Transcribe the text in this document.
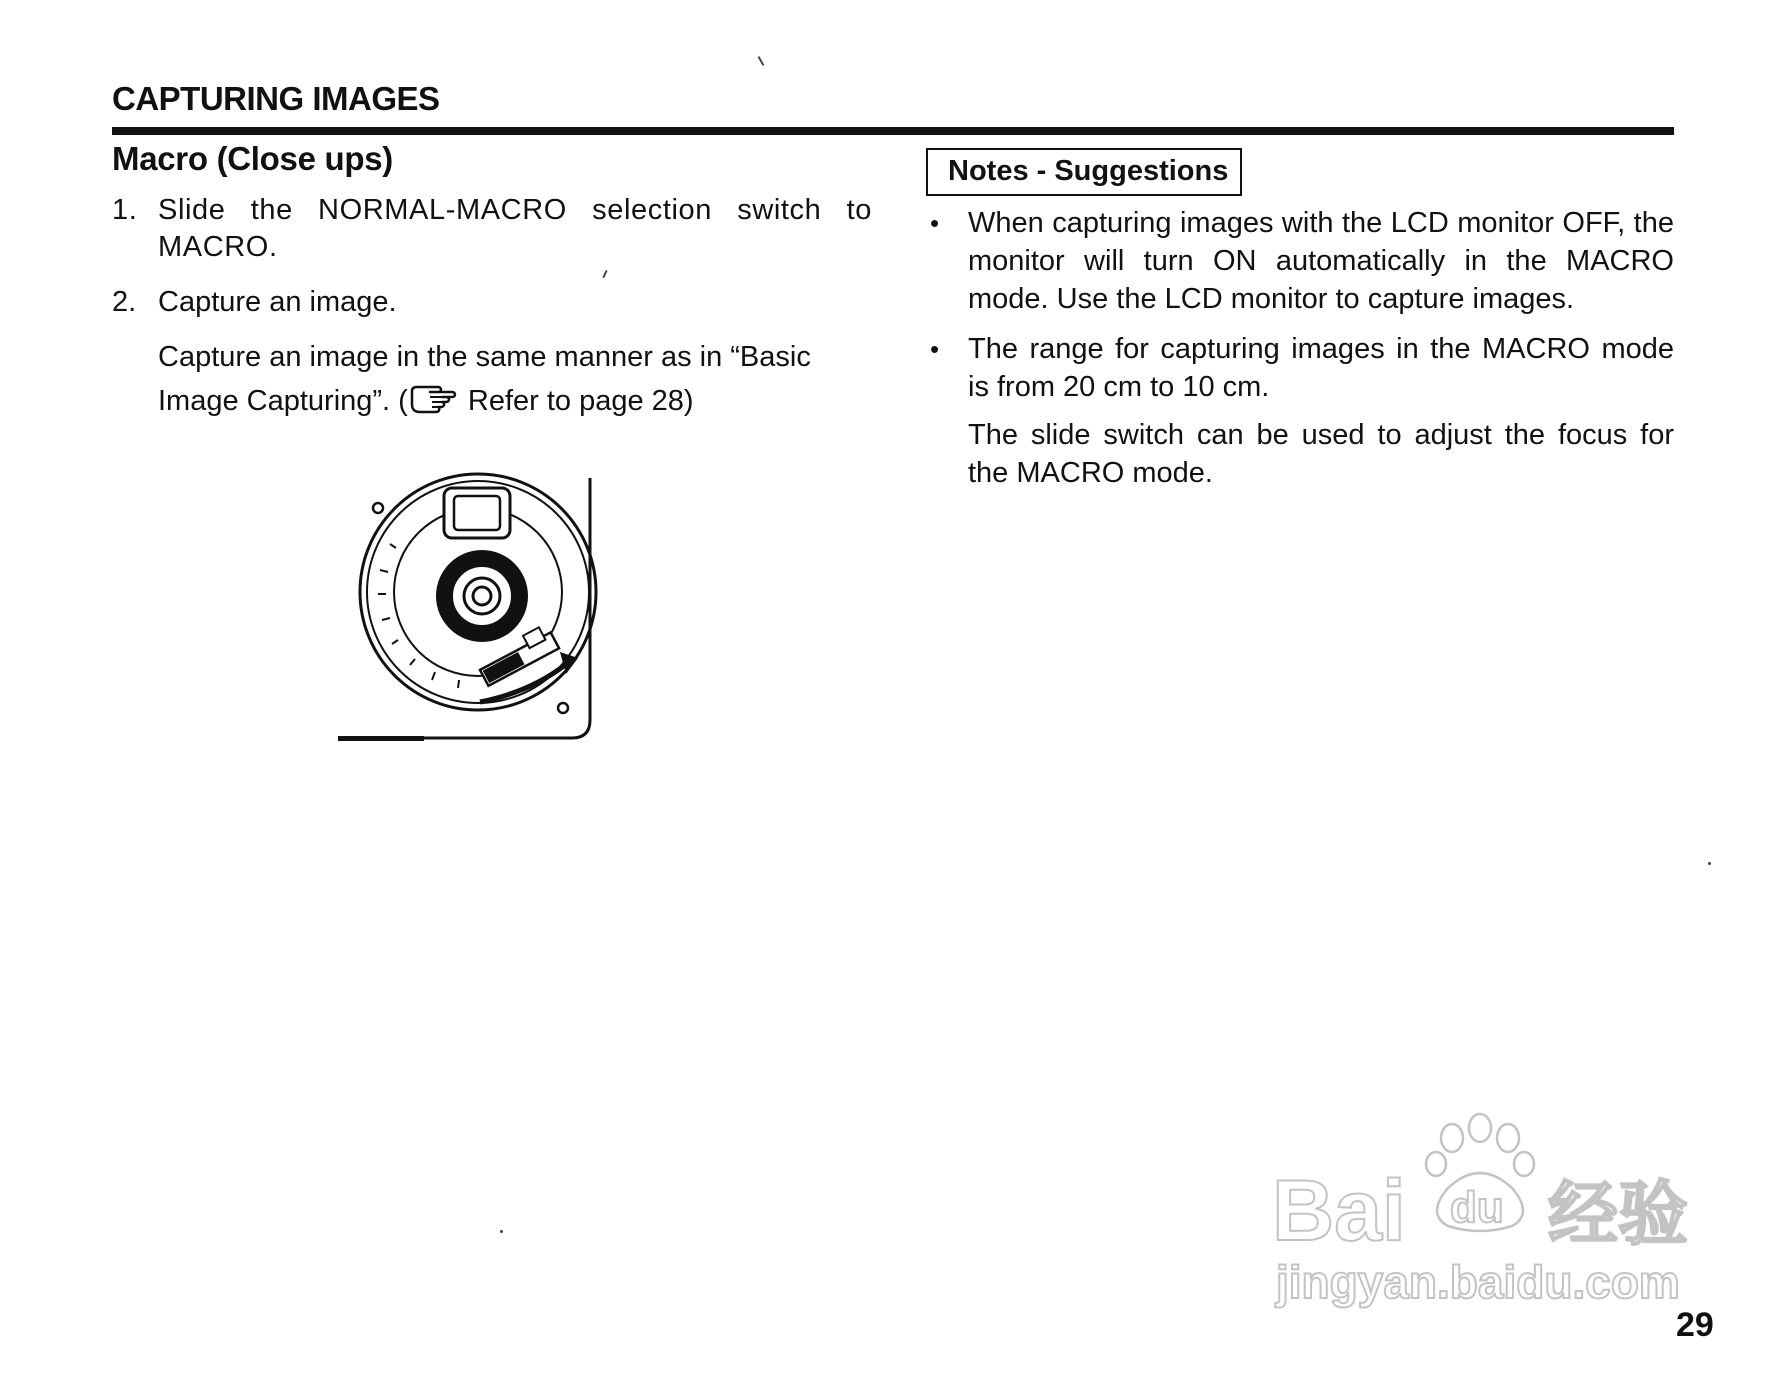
CAPTURING IMAGES
Macro (Close ups)
1. Slide the NORMAL-MACRO selection switch to MACRO.
2. Capture an image.
Capture an image in the same manner as in “Basic Image Capturing”. ( Refer to page 28)
Notes - Suggestions
• When capturing images with the LCD monitor OFF, the monitor will turn ON automatically in the MACRO mode. Use the LCD monitor to capture images.
• The range for capturing images in the MACRO mode is from 20 cm to 10 cm.
The slide switch can be used to adjust the focus for the MACRO mode.
Bai du 经验
jingyan.baidu.com
29
